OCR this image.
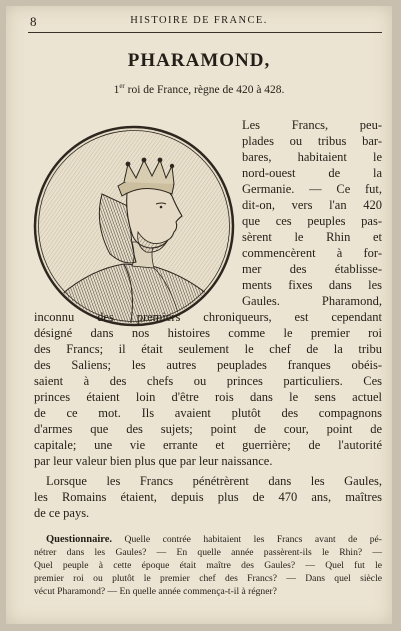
8	HISTOIRE DE FRANCE.
PHARAMOND,
1er roi de France, règne de 420 à 428.
Les Francs, peu-
plades ou tribus bar-
bares, habitaient le
nord-ouest de la
Germanie. — Ce fut,
dit-on, vers l'an 420
que ces peuples pas-
sèrent le Rhin et
commencèrent à for-
mer des établisse-
ments fixes dans les
Gaules. Pharamond,
inconnu des premiers chroniqueurs, est cependant
désigné dans nos histoires comme le premier roi
des Francs; il était seulement le chef de la tribu
des Saliens; les autres peuplades franques obéis-
saient à des chefs ou princes particuliers. Ces
princes étaient loin d'être rois dans le sens actuel
de ce mot. Ils avaient plutôt des compagnons
d'armes que des sujets; point de cour, point de
capitale; une vie errante et guerrière; de l'autorité
par leur valeur bien plus que par leur naissance.
Lorsque les Francs pénétrèrent dans les Gaules,
les Romains étaient, depuis plus de 470 ans, maîtres
de ce pays.
Questionnaire. Quelle contrée habitaient les Francs avant de pé-
nétrer dans les Gaules? — En quelle année passèrent-ils le Rhin? —
Quel peuple à cette époque était maître des Gaules? — Quel fut le
premier roi ou plutôt le premier chef des Francs? — Dans quel siècle
vécut Pharamond? — En quelle année commença-t-il à régner?
